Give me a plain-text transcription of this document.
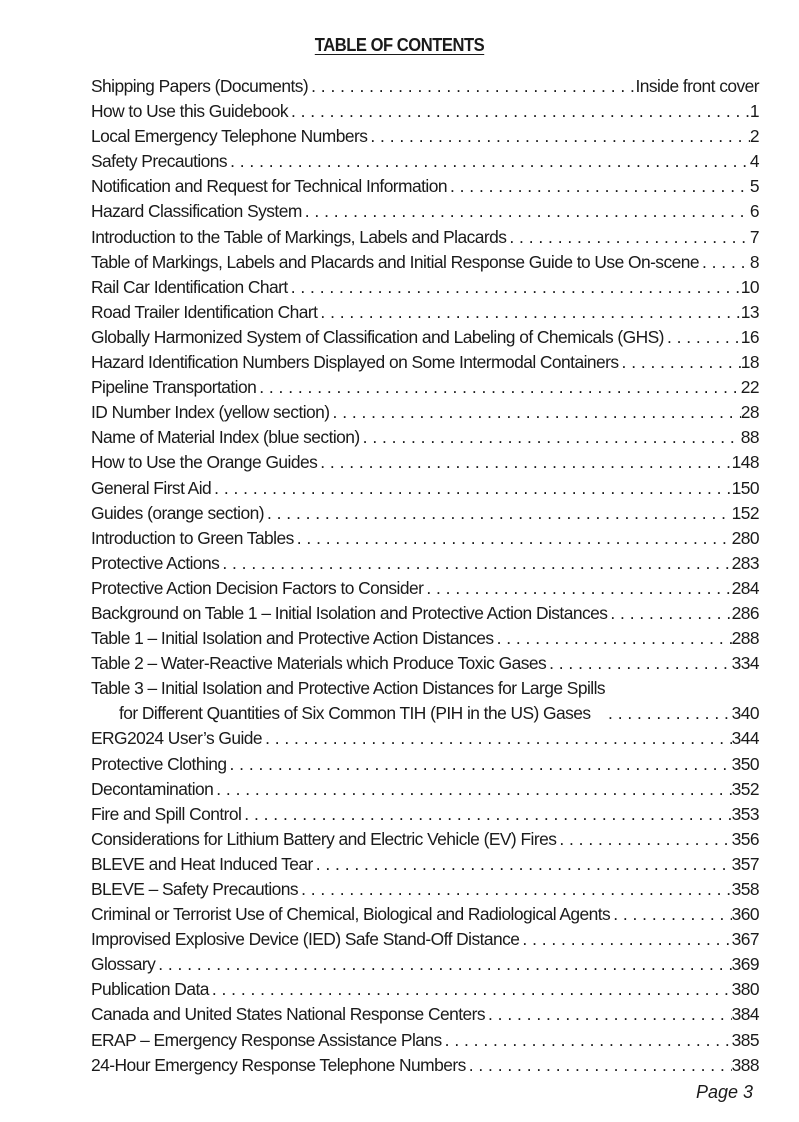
TABLE OF CONTENTS
Shipping Papers (Documents) . . .	Inside front cover
How to Use this Guidebook . . .	1
Local Emergency Telephone Numbers . . .	2
Safety Precautions . . .	4
Notification and Request for Technical Information . . .	5
Hazard Classification System . . .	6
Introduction to the Table of Markings, Labels and Placards . . .	7
Table of Markings, Labels and Placards and Initial Response Guide to Use On-scene . . .	8
Rail Car Identification Chart . . .	10
Road Trailer Identification Chart . . .	13
Globally Harmonized System of Classification and Labeling of Chemicals (GHS) . . .	16
Hazard Identification Numbers Displayed on Some Intermodal Containers . . .	18
Pipeline Transportation . . .	22
ID Number Index (yellow section) . . .	28
Name of Material Index (blue section) . . .	88
How to Use the Orange Guides . . .	148
General First Aid . . .	150
Guides (orange section) . . .	152
Introduction to Green Tables . . .	280
Protective Actions . . .	283
Protective Action Decision Factors to Consider . . .	284
Background on Table 1 – Initial Isolation and Protective Action Distances . . .	286
Table 1 – Initial Isolation and Protective Action Distances . . .	288
Table 2 – Water-Reactive Materials which Produce Toxic Gases . . .	334
Table 3 – Initial Isolation and Protective Action Distances for Large Spills
for Different Quantities of Six Common TIH (PIH in the US) Gases . . .	340
ERG2024 User’s Guide . . .	344
Protective Clothing . . .	350
Decontamination . . .	352
Fire and Spill Control . . .	353
Considerations for Lithium Battery and Electric Vehicle (EV) Fires . . .	356
BLEVE and Heat Induced Tear . . .	357
BLEVE – Safety Precautions . . .	358
Criminal or Terrorist Use of Chemical, Biological and Radiological Agents . . .	360
Improvised Explosive Device (IED) Safe Stand-Off Distance . . .	367
Glossary . . .	369
Publication Data . . .	380
Canada and United States National Response Centers . . .	384
ERAP – Emergency Response Assistance Plans . . .	385
24-Hour Emergency Response Telephone Numbers . . .	388
Page 3
